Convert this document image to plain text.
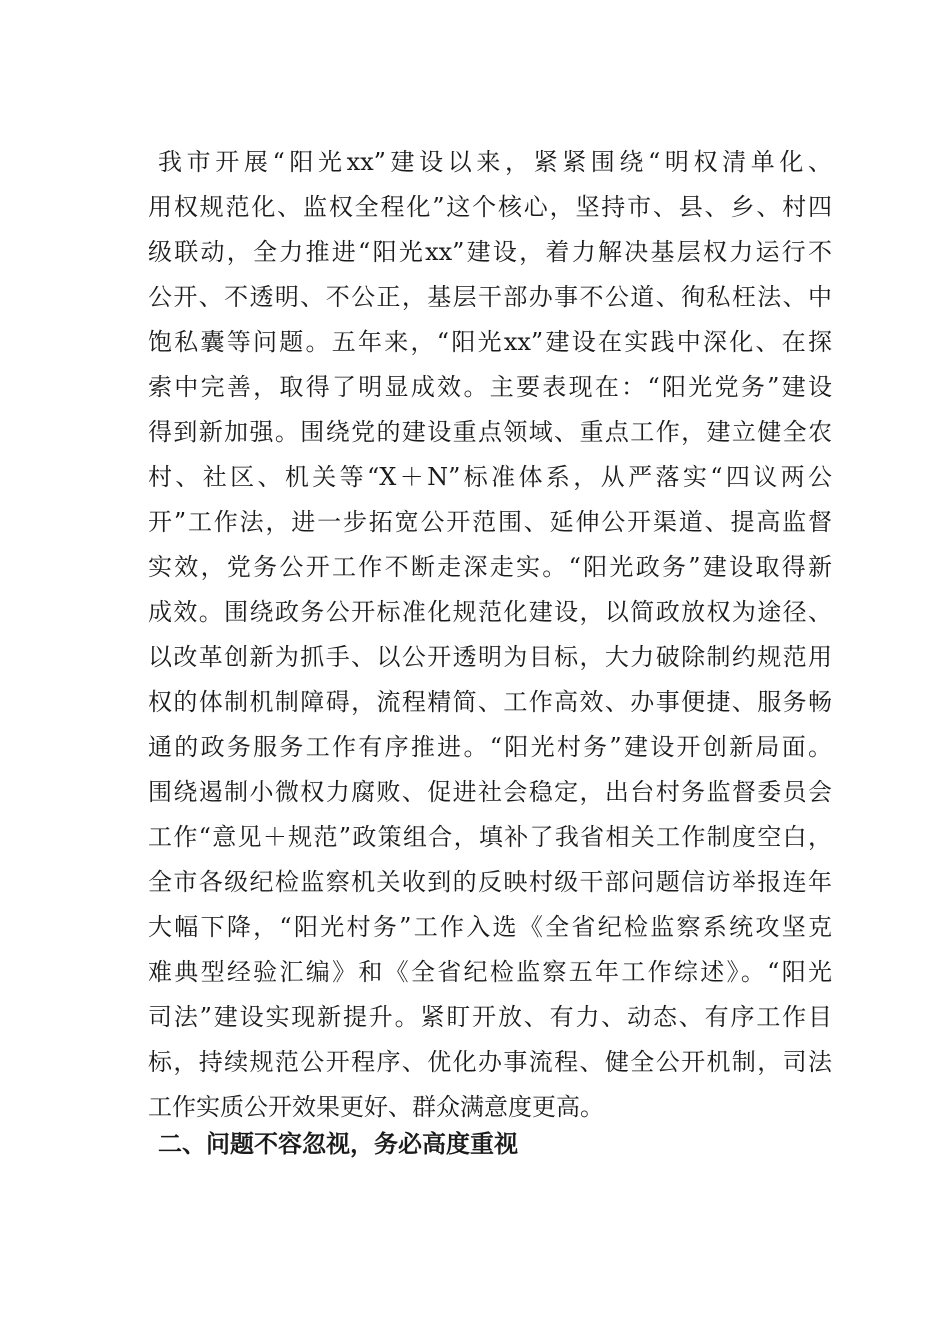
我市开展“阳光xx”建设以来，紧紧围绕“明权清单化、
用权规范化、监权全程化”这个核心，坚持市、县、乡、村四
级联动，全力推进“阳光xx”建设，着力解决基层权力运行不
公开、不透明、不公正，基层干部办事不公道、徇私枉法、中
饱私囊等问题。五年来，“阳光xx”建设在实践中深化、在探
索中完善，取得了明显成效。主要表现在：“阳光党务”建设
得到新加强。围绕党的建设重点领域、重点工作，建立健全农
村、社区、机关等“X＋N”标准体系，从严落实“四议两公
开”工作法，进一步拓宽公开范围、延伸公开渠道、提高监督
实效，党务公开工作不断走深走实。“阳光政务”建设取得新
成效。围绕政务公开标准化规范化建设，以简政放权为途径、
以改革创新为抓手、以公开透明为目标，大力破除制约规范用
权的体制机制障碍，流程精简、工作高效、办事便捷、服务畅
通的政务服务工作有序推进。“阳光村务”建设开创新局面。
围绕遏制小微权力腐败、促进社会稳定，出台村务监督委员会
工作“意见＋规范”政策组合，填补了我省相关工作制度空白，
全市各级纪检监察机关收到的反映村级干部问题信访举报连年
大幅下降，“阳光村务”工作入选《全省纪检监察系统攻坚克
难典型经验汇编》和《全省纪检监察五年工作综述》。“阳光
司法”建设实现新提升。紧盯开放、有力、动态、有序工作目
标，持续规范公开程序、优化办事流程、健全公开机制，司法
工作实质公开效果更好、群众满意度更高。
二、问题不容忽视，务必高度重视
